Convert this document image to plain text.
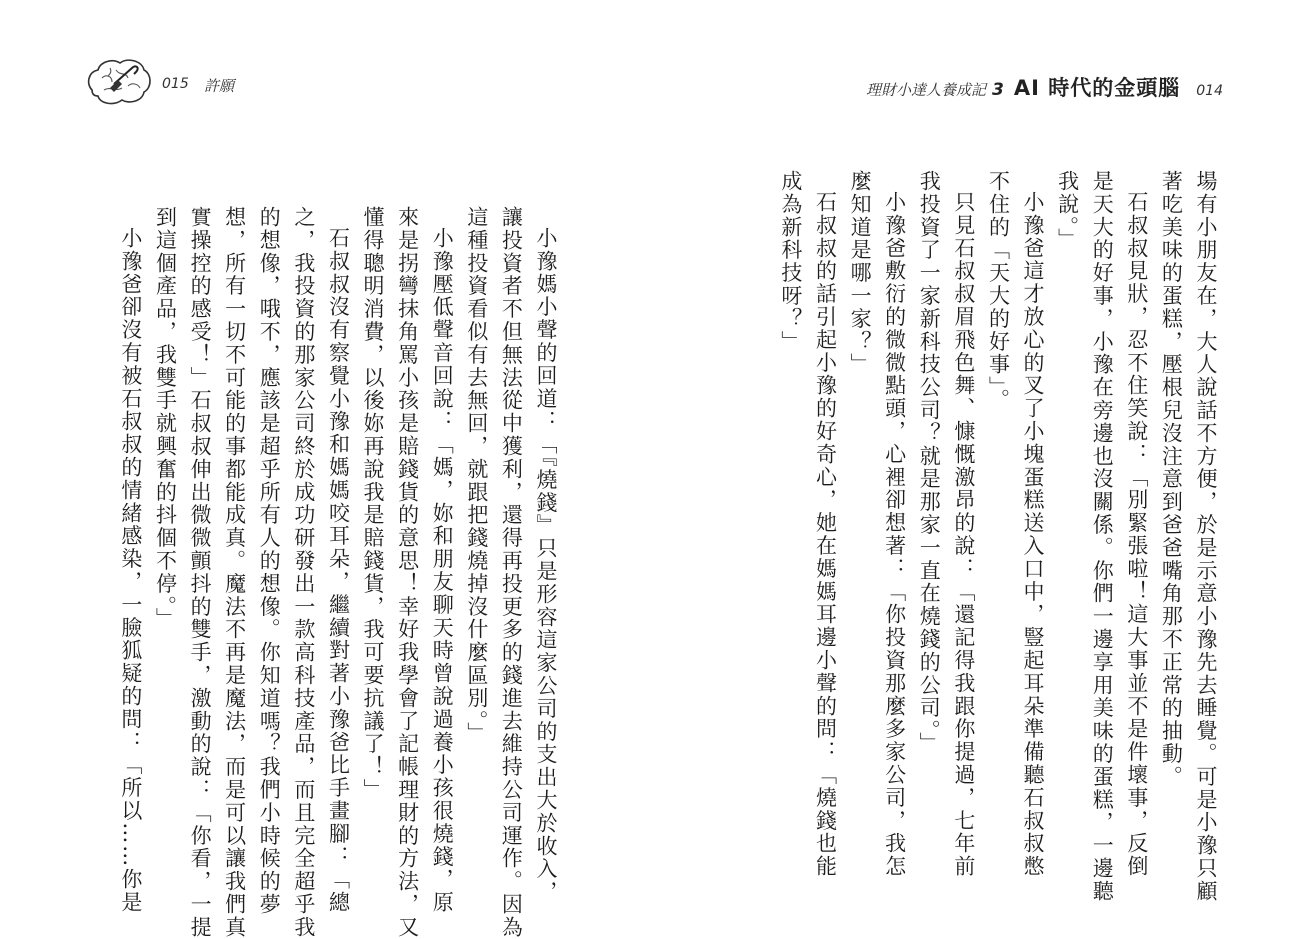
015 許願	理財小達人養成記 3 AI 時代的金頭腦 014

場有小朋友在，大人說話不方便，於是示意小豫先去睡覺。可是小豫只顧

著吃美味的蛋糕，壓根兒沒注意到爸爸嘴角那不正常的抽動。

石叔叔見狀，忍不住笑說：「別緊張啦！這大事並不是件壞事，反倒

是天大的好事，小豫在旁邊也沒關係。你們一邊享用美味的蛋糕，一邊聽

我說。」

小豫爸這才放心的叉了小塊蛋糕送入口中，豎起耳朵準備聽石叔叔憋

不住的「天大的好事」。

只見石叔叔眉飛色舞、慷慨激昂的說：「還記得我跟你提過，七年前

我投資了一家新科技公司？就是那家一直在燒錢的公司。」

小豫爸敷衍的微微點頭，心裡卻想著：「你投資那麼多家公司，我怎

麼知道是哪一家？」

石叔叔的話引起小豫的好奇心，她在媽媽耳邊小聲的問：「燒錢也能

成為新科技呀？」

小豫媽小聲的回道：「『燒錢』只是形容這家公司的支出大於收入，

讓投資者不但無法從中獲利，還得再投更多的錢進去維持公司運作。因為

這種投資看似有去無回，就跟把錢燒掉沒什麼區別。」

小豫壓低聲音回說：「媽，妳和朋友聊天時曾說過養小孩很燒錢，原

來是拐彎抹角罵小孩是賠錢貨的意思！幸好我學會了記帳理財的方法，又

懂得聰明消費，以後妳再說我是賠錢貨，我可要抗議了！」

石叔叔沒有察覺小豫和媽媽咬耳朵，繼續對著小豫爸比手畫腳：「總

之，我投資的那家公司終於成功研發出一款高科技產品，而且完全超乎我

的想像，哦不，應該是超乎所有人的想像。你知道嗎？我們小時候的夢

想，所有一切不可能的事都能成真。魔法不再是魔法，而是可以讓我們真

實操控的感受！」石叔叔伸出微微顫抖的雙手，激動的說：「你看，一提

到這個產品，我雙手就興奮的抖個不停。」

小豫爸卻沒有被石叔叔的情緒感染，一臉狐疑的問：「所以……你是
